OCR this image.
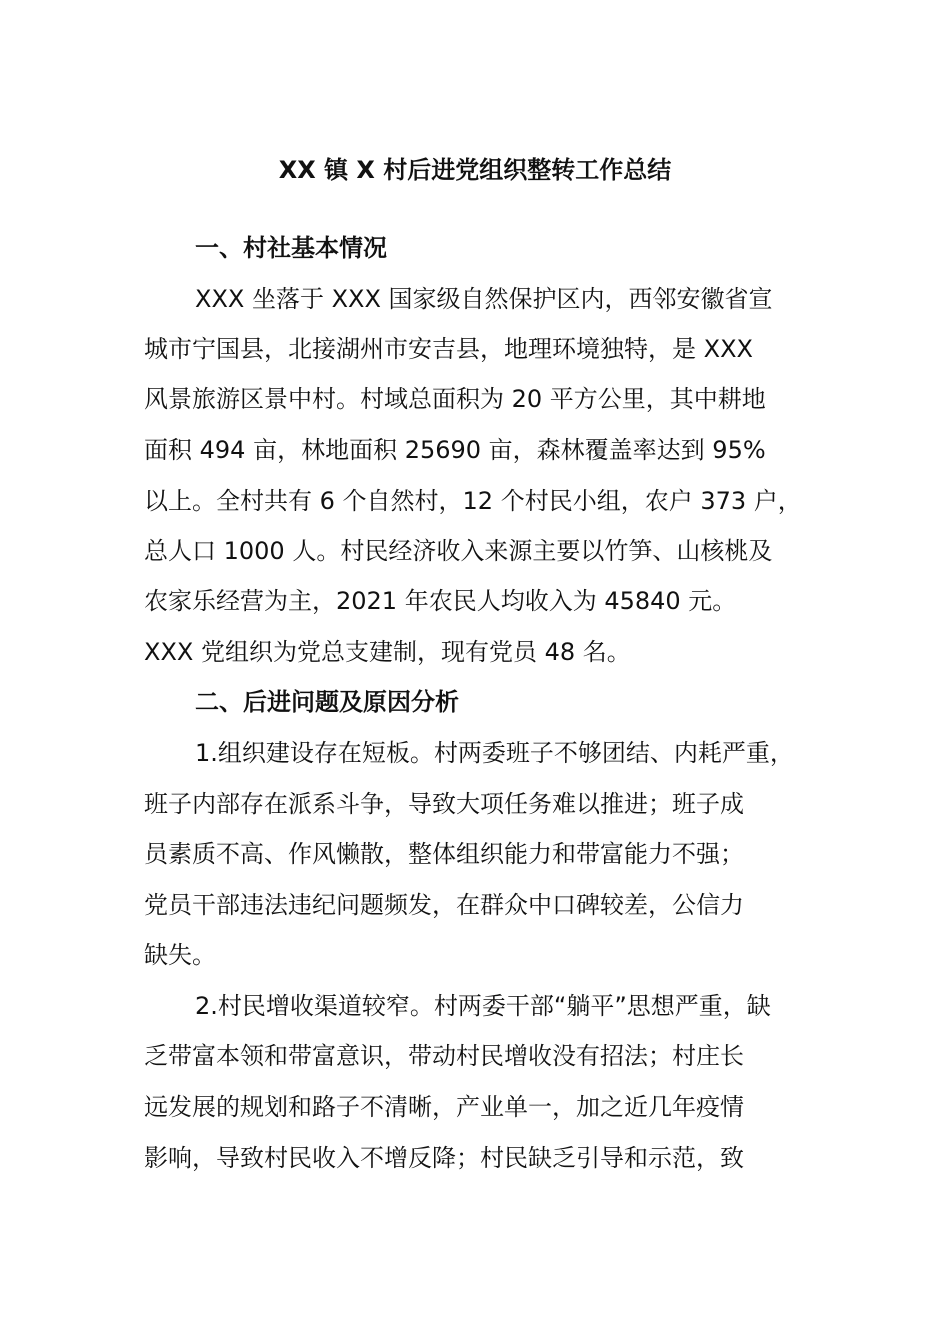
XX 镇 X 村后进党组织整转工作总结
一、村社基本情况
XXX 坐落于 XXX 国家级自然保护区内，西邻安徽省宣
城市宁国县，北接湖州市安吉县，地理环境独特，是 XXX
风景旅游区景中村。村域总面积为 20 平方公里，其中耕地
面积 494 亩，林地面积 25690 亩，森林覆盖率达到 95%
以上。全村共有 6 个自然村，12 个村民小组，农户 373 户，
总人口 1000 人。村民经济收入来源主要以竹笋、山核桃及
农家乐经营为主，2021 年农民人均收入为 45840 元。
XXX 党组织为党总支建制，现有党员 48 名。
二、后进问题及原因分析
1.组织建设存在短板。村两委班子不够团结、内耗严重，
班子内部存在派系斗争，导致大项任务难以推进；班子成
员素质不高、作风懒散，整体组织能力和带富能力不强；
党员干部违法违纪问题频发，在群众中口碑较差，公信力
缺失。
2.村民增收渠道较窄。村两委干部“躺平”思想严重，缺
乏带富本领和带富意识，带动村民增收没有招法；村庄长
远发展的规划和路子不清晰，产业单一，加之近几年疫情
影响，导致村民收入不增反降；村民缺乏引导和示范，致
